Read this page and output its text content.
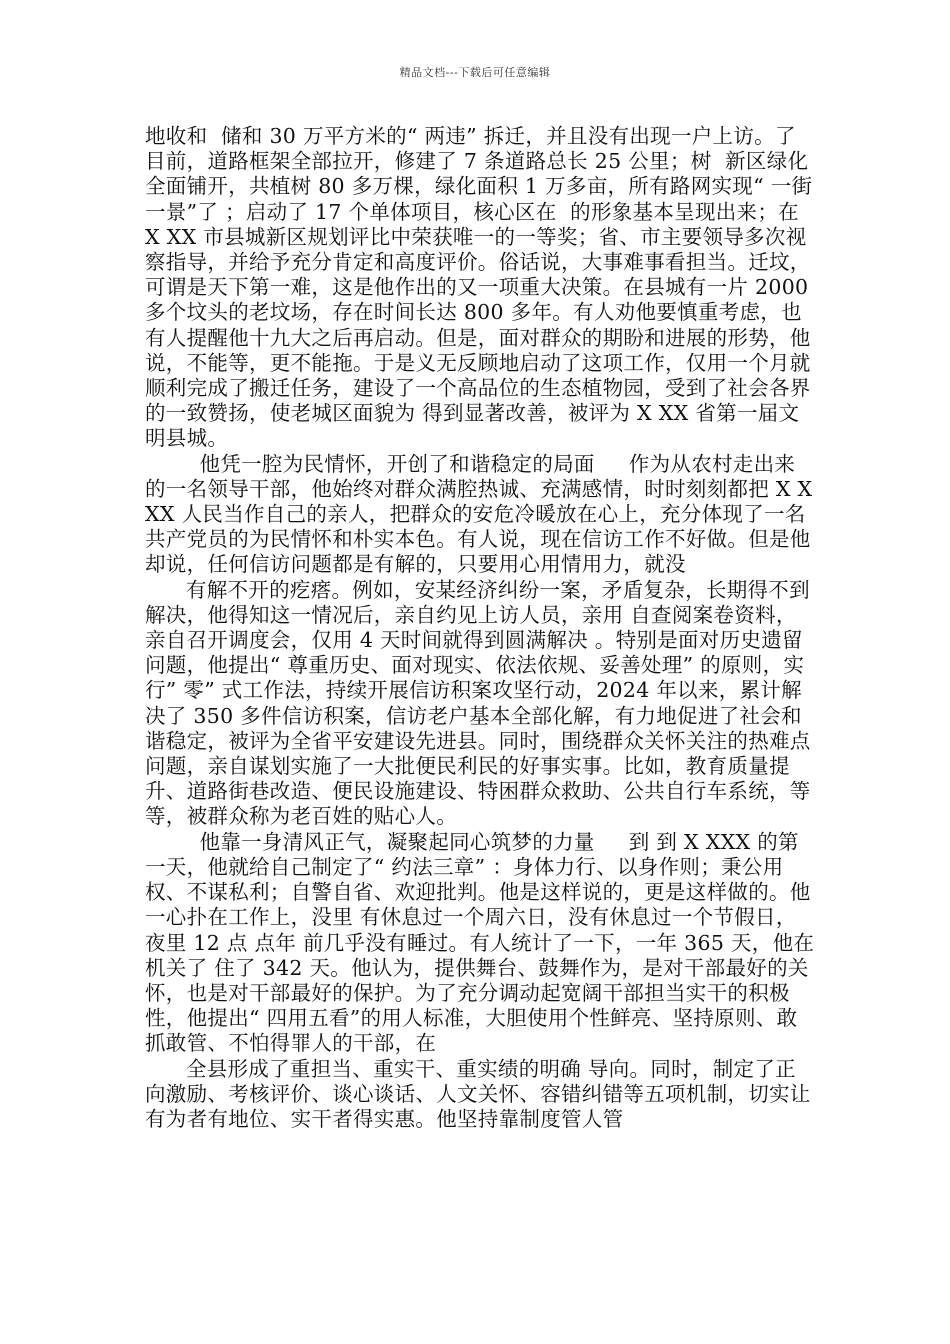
精品文档---下载后可任意编辑

地收和  储和 30 万平方米的“ 两违” 拆迁，并且没有出现一户上访。了  目前，道路框架全部拉开，修建了 7 条道路总长 25 公里；树  新区绿化全面铺开，共植树 80 多万棵，绿化面积 1 万多亩，所有路网实现“ 一街一景”了 ；启动了 17 个单体项目，核心区在  的形象基本呈现出来；在 X XX 市县城新区规划评比中荣获唯一的一等奖；省、市主要领导多次视察指导，并给予充分肯定和高度评价。俗话说，大事难事看担当。迁坟，可谓是天下第一难，这是他作出的又一项重大决策。在县城有一片 2000 多个坟头的老坟场，存在时间长达 800 多年。有人劝他要慎重考虑，也有人提醒他十九大之后再启动。但是，面对群众的期盼和进展的形势，他说，不能等，更不能拖。于是义无反顾地启动了这项工作，仅用一个月就顺利完成了搬迁任务，建设了一个高品位的生态植物园，受到了社会各界的一致赞扬，使老城区面貌为 得到显著改善，被评为 X XX 省第一届文明县城。

他凭一腔为民情怀，开创了和谐稳定的局面     作为从农村走出来的一名领导干部，他始终对群众满腔热诚、充满感情，时时刻刻都把 X XXX 人民当作自己的亲人，把群众的安危冷暖放在心上，充分体现了一名共产党员的为民情怀和朴实本色。有人说，现在信访工作不好做。但是他却说，任何信访问题都是有解的，只要用心用情用力，就没

有解不开的疙瘩。例如，安某经济纠纷一案，矛盾复杂，长期得不到解决，他得知这一情况后，亲自约见上访人员，亲用 自查阅案卷资料，亲自召开调度会，仅用 4 天时间就得到圆满解决 。特别是面对历史遗留问题，他提出“ 尊重历史、面对现实、依法依规、妥善处理” 的原则，实行” 零” 式工作法，持续开展信访积案攻坚行动，2024 年以来，累计解决了 350 多件信访积案，信访老户基本全部化解，有力地促进了社会和谐稳定，被评为全省平安建设先进县。同时，围绕群众关怀关注的热难点问题，亲自谋划实施了一大批便民利民的好事实事。比如，教育质量提升、道路街巷改造、便民设施建设、特困群众救助、公共自行车系统，等等，被群众称为老百姓的贴心人。

他靠一身清风正气，凝聚起同心筑梦的力量     到 到 X XXX 的第一天，他就给自己制定了“ 约法三章” ：身体力行、以身作则；秉公用权、不谋私利；自警自省、欢迎批判。他是这样说的，更是这样做的。他一心扑在工作上，没里 有休息过一个周六日，没有休息过一个节假日，夜里 12 点 点年 前几乎没有睡过。有人统计了一下，一年 365 天，他在机关了 住了 342 天。他认为，提供舞台、鼓舞作为，是对干部最好的关怀，也是对干部最好的保护。为了充分调动起宽阔干部担当实干的积极性，他提出“ 四用五看”的用人标准，大胆使用个性鲜亮、坚持原则、敢抓敢管、不怕得罪人的干部，在

全县形成了重担当、重实干、重实绩的明确 导向。同时，制定了正向激励、考核评价、谈心谈话、人文关怀、容错纠错等五项机制，切实让有为者有地位、实干者得实惠。他坚持靠制度管人管
